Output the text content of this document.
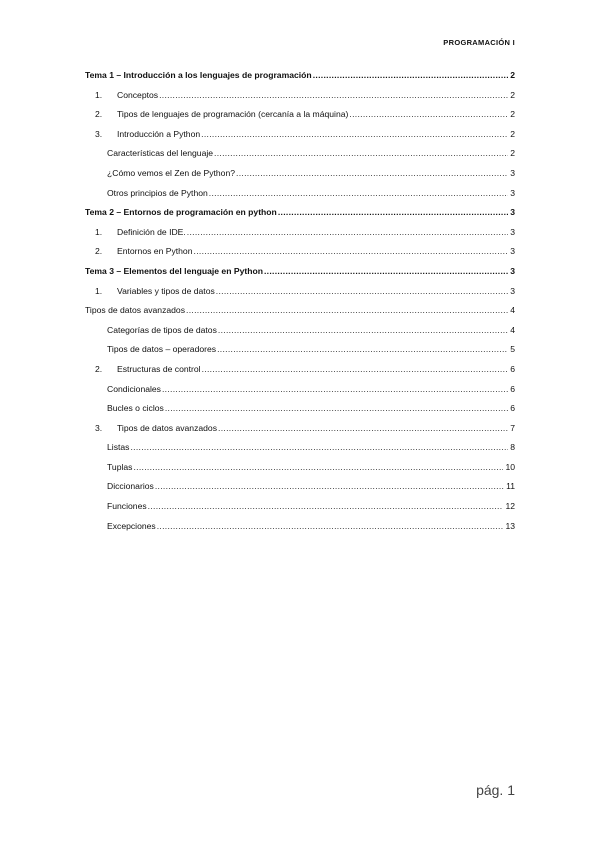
PROGRAMACIÓN I
Tema 1 – Introducción a los lenguajes de programación .....	2
1.	Conceptos .....	2
2.	Tipos de lenguajes de programación (cercanía a la máquina) .....	2
3.	Introducción a Python .....	2
Características del lenguaje .....	2
¿Cómo vemos el Zen de Python? .....	3
Otros principios de Python .....	3
Tema 2 – Entornos de programación en python .....	3
1.	Definición de IDE. .....	3
2.	Entornos en Python .....	3
Tema 3 – Elementos del lenguaje en Python .....	3
1.	Variables y tipos de datos .....	3
Tipos de datos avanzados .....	4
Categorías de tipos de datos .....	4
Tipos de datos – operadores .....	5
2.	Estructuras de control .....	6
Condicionales .....	6
Bucles o ciclos .....	6
3.	Tipos de datos avanzados .....	7
Listas .....	8
Tuplas .....	10
Diccionarios .....	11
Funciones .....	12
Excepciones .....	13
pág. 1
